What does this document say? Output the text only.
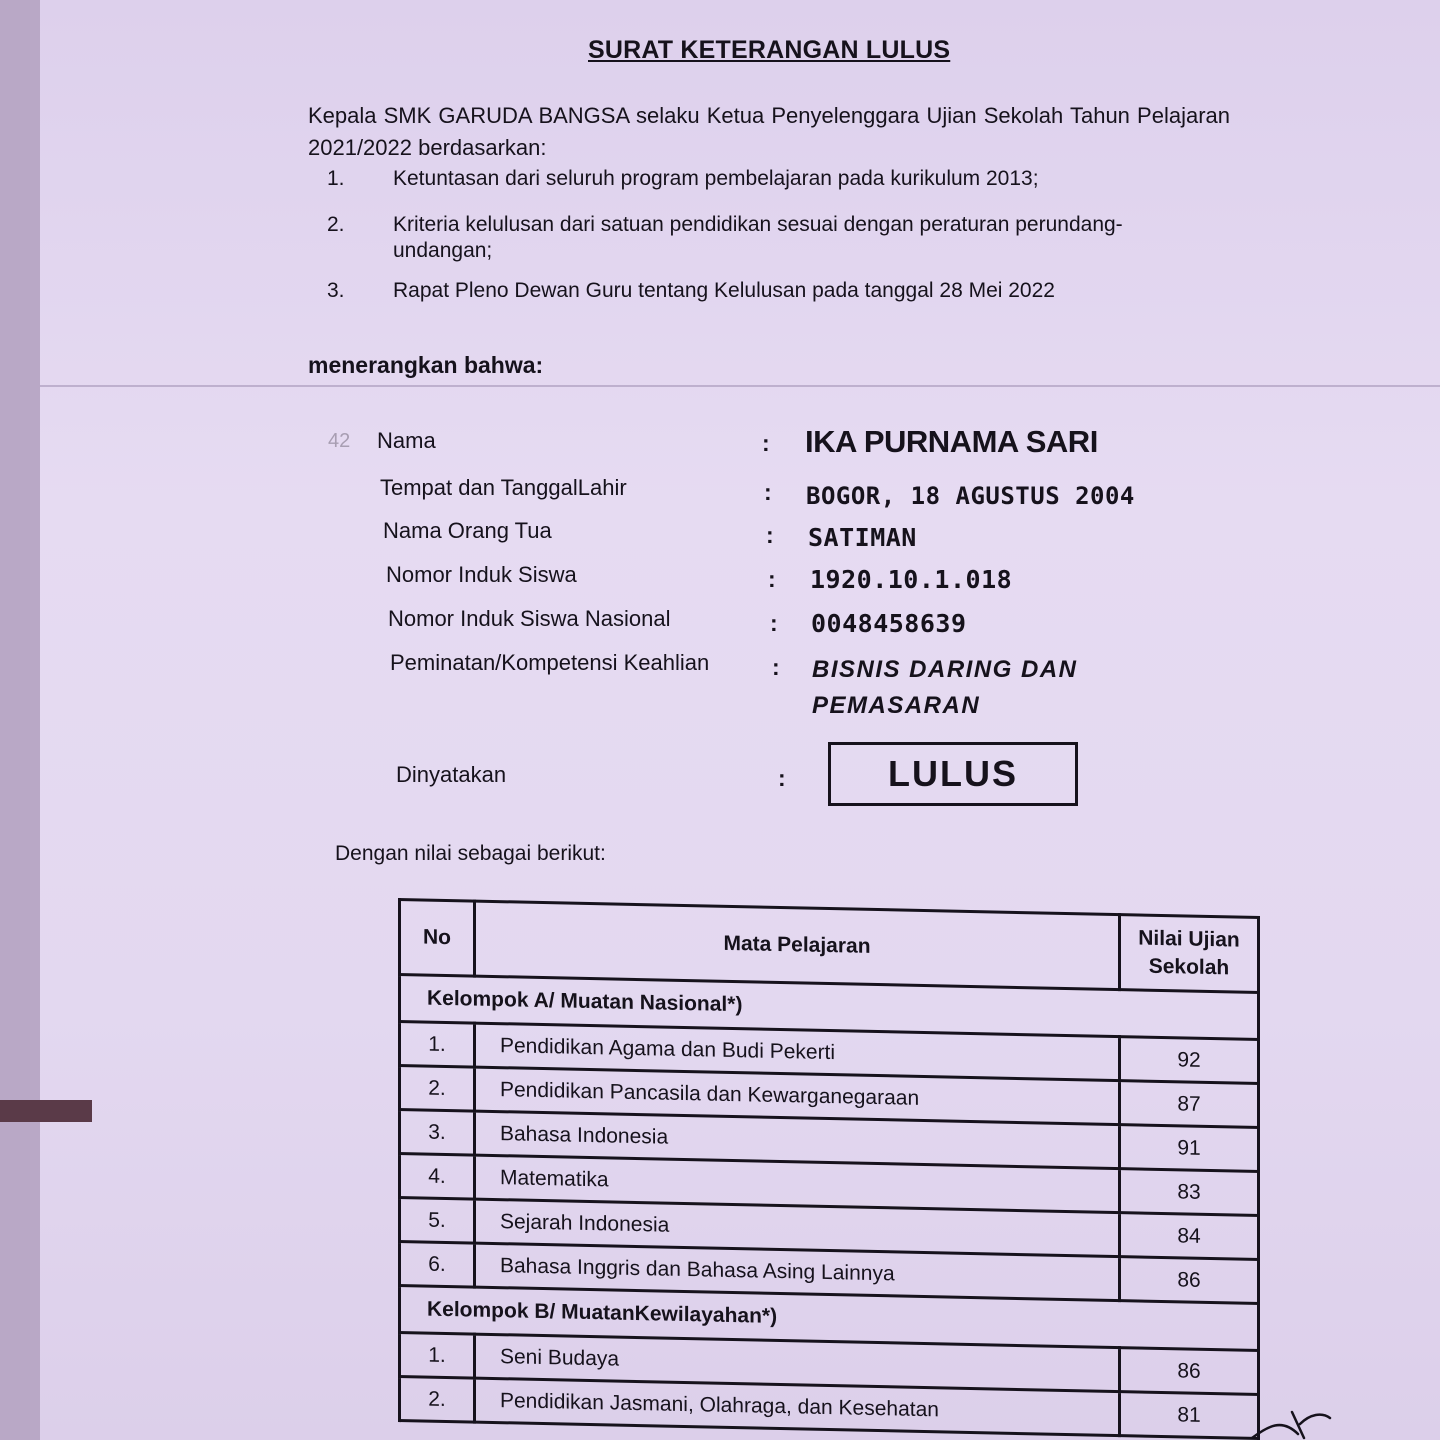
SURAT KETERANGAN LULUS
Kepala SMK GARUDA BANGSA selaku Ketua Penyelenggara Ujian Sekolah Tahun Pelajaran 2021/2022 berdasarkan:
1. Ketuntasan dari seluruh program pembelajaran pada kurikulum 2013;
2. Kriteria kelulusan dari satuan pendidikan sesuai dengan peraturan perundang-undangan;
3. Rapat Pleno Dewan Guru tentang Kelulusan pada tanggal 28 Mei 2022
menerangkan bahwa:
42 Nama	: IKA PURNAMA SARI
Tempat dan TanggalLahir	: BOGOR, 18 AGUSTUS 2004
Nama Orang Tua	: SATIMAN
Nomor Induk Siswa	: 1920.10.1.018
Nomor Induk Siswa Nasional	: 0048458639
Peminatan/Kompetensi Keahlian	: BISNIS DARING DAN PEMASARAN
Dinyatakan	:	LULUS
Dengan nilai sebagai berikut:
No	Mata Pelajaran	Nilai Ujian Sekolah
Kelompok A/ Muatan Nasional*)		
1.	Pendidikan Agama dan Budi Pekerti	92
2.	Pendidikan Pancasila dan Kewarganegaraan	87
3.	Bahasa Indonesia	91
4.	Matematika	83
5.	Sejarah Indonesia	84
6.	Bahasa Inggris dan Bahasa Asing Lainnya	86
Kelompok B/ MuatanKewilayahan*)		
1.	Seni Budaya	86
2.	Pendidikan Jasmani, Olahraga, dan Kesehatan	81
